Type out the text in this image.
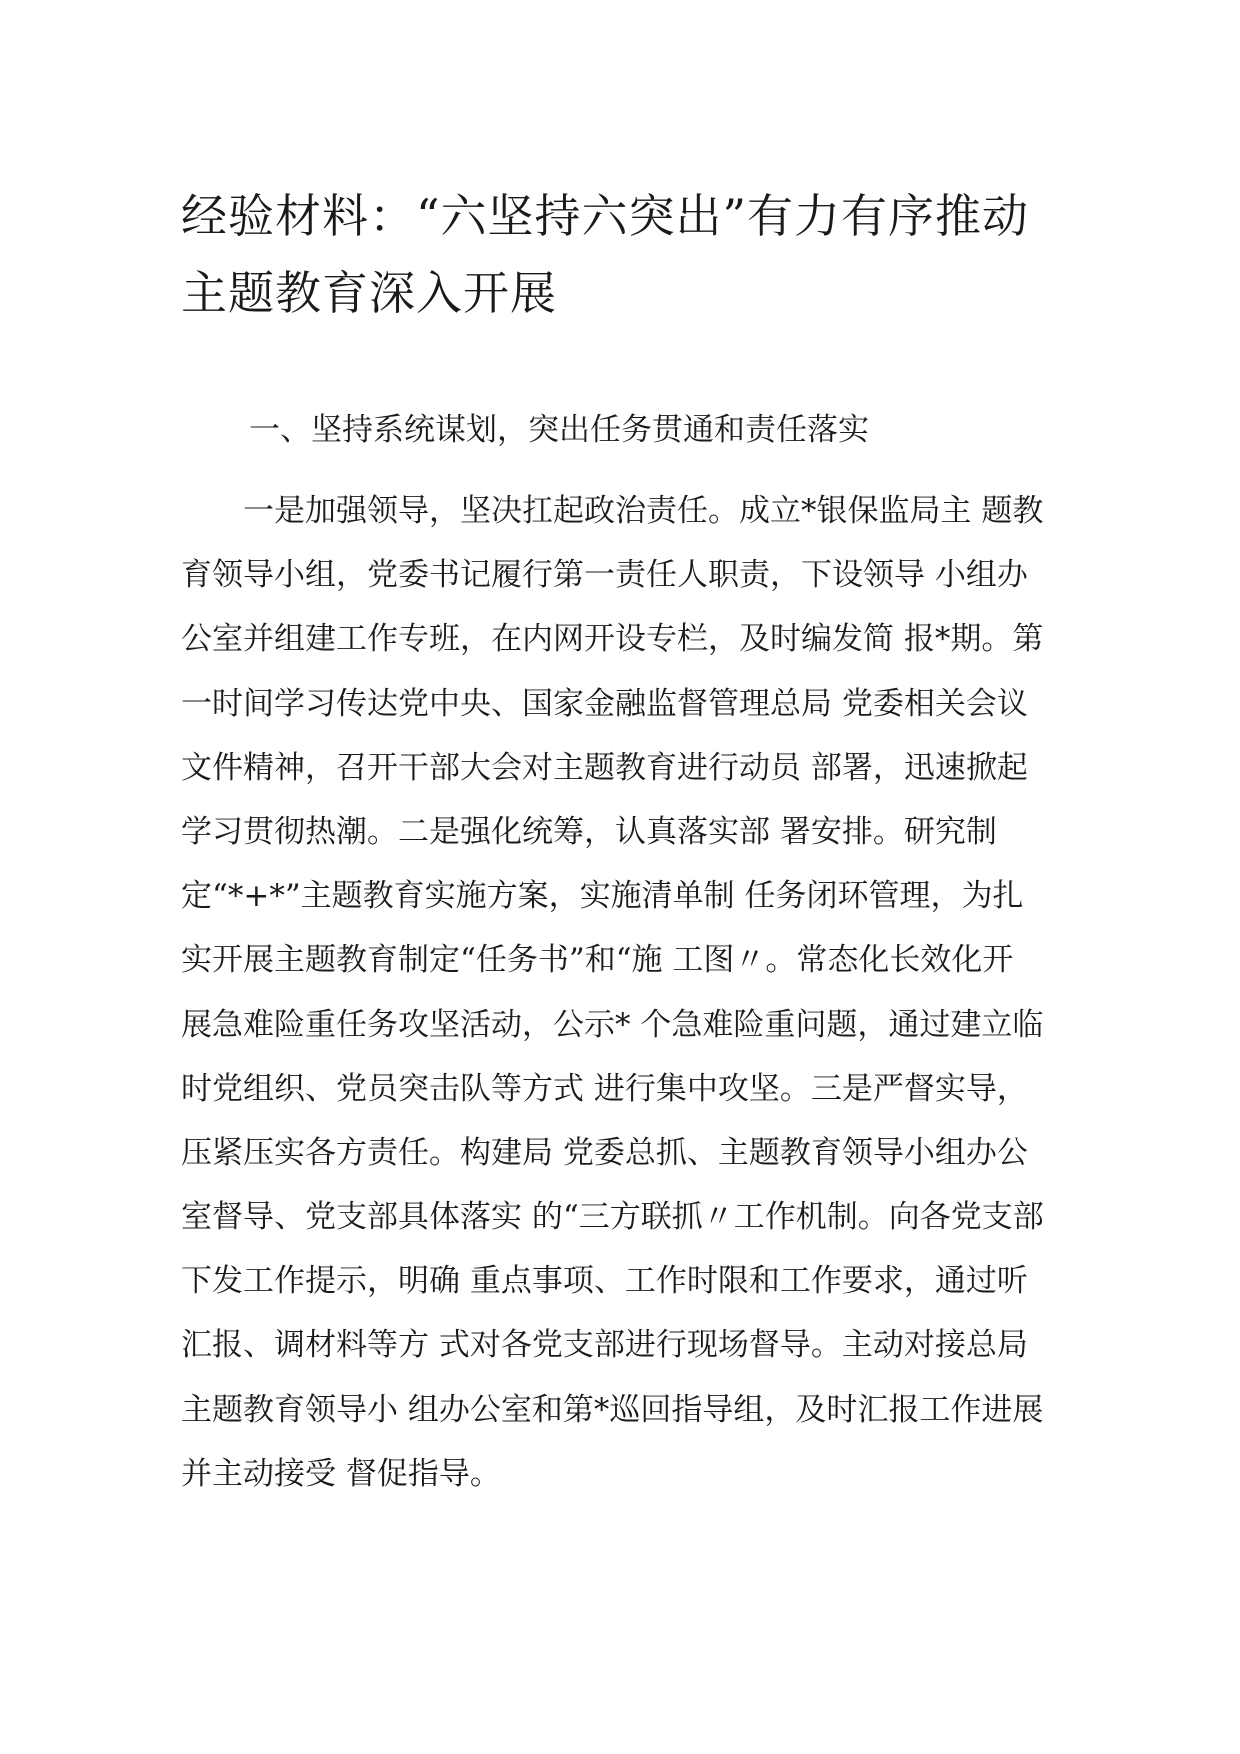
经验材料：“六坚持六突出”有力有序推动
主题教育深入开展
一、坚持系统谋划，突出任务贯通和责任落实
　　一是加强领导，坚决扛起政治责任。成立*银保监局主 题教
育领导小组，党委书记履行第一责任人职责，下设领导 小组办
公室并组建工作专班，在内网开设专栏，及时编发简 报*期。第
一时间学习传达党中央、国家金融监督管理总局 党委相关会议
文件精神，召开干部大会对主题教育进行动员 部署，迅速掀起
学习贯彻热潮。二是强化统筹，认真落实部 署安排。研究制
定“*+*”主题教育实施方案，实施清单制 任务闭环管理，为扎
实开展主题教育制定“任务书”和“施 工图〃。常态化长效化开
展急难险重任务攻坚活动，公示* 个急难险重问题，通过建立临
时党组织、党员突击队等方式 进行集中攻坚。三是严督实导，
压紧压实各方责任。构建局 党委总抓、主题教育领导小组办公
室督导、党支部具体落实 的“三方联抓〃工作机制。向各党支部
下发工作提示，明确 重点事项、工作时限和工作要求，通过听
汇报、调材料等方 式对各党支部进行现场督导。主动对接总局
主题教育领导小 组办公室和第*巡回指导组，及时汇报工作进展
并主动接受 督促指导。
